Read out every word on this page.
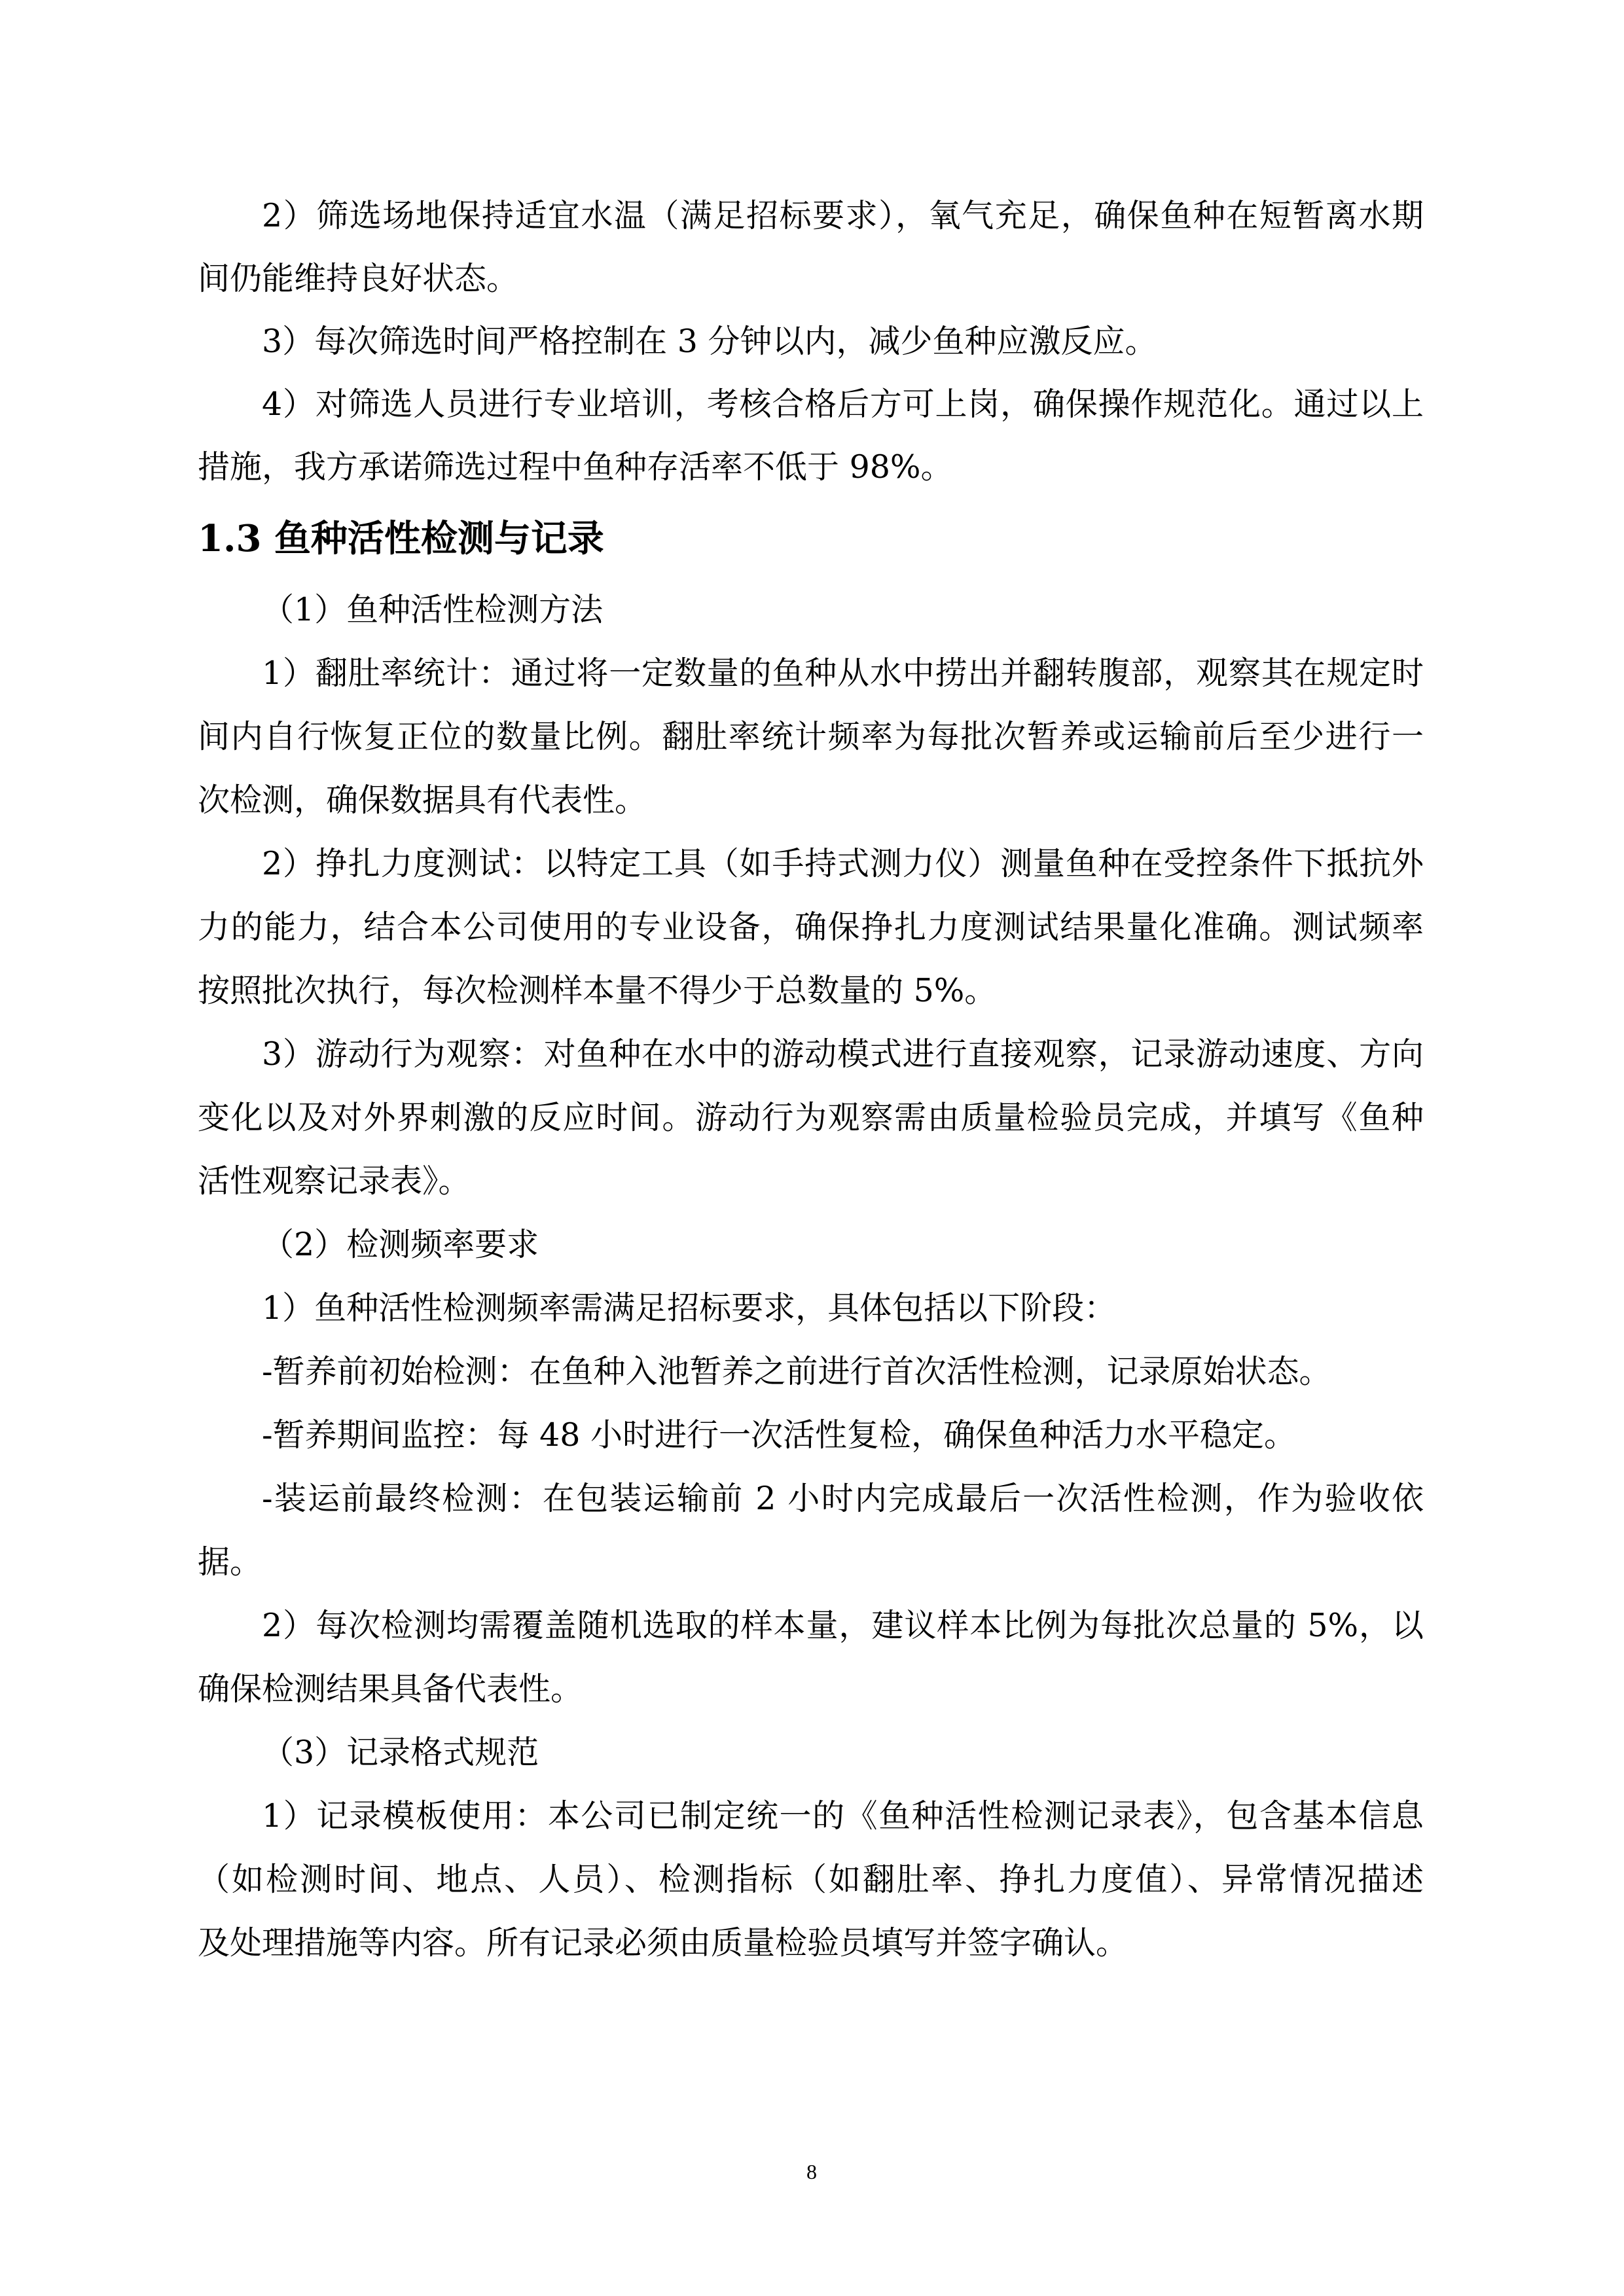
2）筛选场地保持适宜水温（满足招标要求），氧气充足，确保鱼种在短暂离水期
间仍能维持良好状态。
3）每次筛选时间严格控制在 3 分钟以内，减少鱼种应激反应。
4）对筛选人员进行专业培训，考核合格后方可上岗，确保操作规范化。通过以上
措施，我方承诺筛选过程中鱼种存活率不低于 98%。
1.3 鱼种活性检测与记录
（1）鱼种活性检测方法
1）翻肚率统计：通过将一定数量的鱼种从水中捞出并翻转腹部，观察其在规定时
间内自行恢复正位的数量比例。翻肚率统计频率为每批次暂养或运输前后至少进行一
次检测，确保数据具有代表性。
2）挣扎力度测试：以特定工具（如手持式测力仪）测量鱼种在受控条件下抵抗外
力的能力，结合本公司使用的专业设备，确保挣扎力度测试结果量化准确。测试频率
按照批次执行，每次检测样本量不得少于总数量的 5%。
3）游动行为观察：对鱼种在水中的游动模式进行直接观察，记录游动速度、方向
变化以及对外界刺激的反应时间。游动行为观察需由质量检验员完成，并填写《鱼种
活性观察记录表》。
（2）检测频率要求
1）鱼种活性检测频率需满足招标要求，具体包括以下阶段：
-暂养前初始检测：在鱼种入池暂养之前进行首次活性检测，记录原始状态。
-暂养期间监控：每 48 小时进行一次活性复检，确保鱼种活力水平稳定。
-装运前最终检测：在包装运输前 2 小时内完成最后一次活性检测，作为验收依
据。
2）每次检测均需覆盖随机选取的样本量，建议样本比例为每批次总量的 5%，以
确保检测结果具备代表性。
（3）记录格式规范
1）记录模板使用：本公司已制定统一的《鱼种活性检测记录表》，包含基本信息
（如检测时间、地点、人员）、检测指标（如翻肚率、挣扎力度值）、异常情况描述
及处理措施等内容。所有记录必须由质量检验员填写并签字确认。
8
